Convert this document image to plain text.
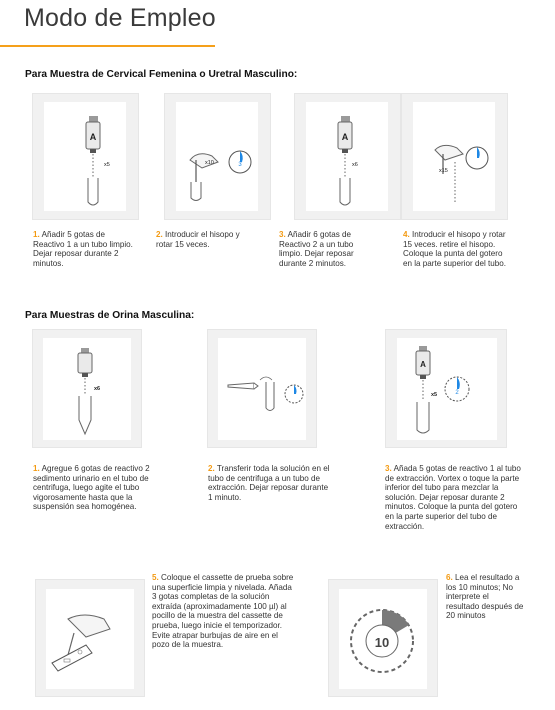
Modo de Empleo
Para Muestra de Cervical Femenina o Uretral Masculino:
A
x5	3
x10
A
x6
x15
1. Añadir 5 gotas de Reactivo 1 a un tubo limpio. Dejar reposar durante 2 minutos.
2. Introducir el hisopo y rotar 15 veces.
3. Añadir 6 gotas de Reactivo 2 a un tubo limpio. Dejar reposar durante 2 minutos.
4. Introducir el hisopo y rotar 15 veces. retire el hisopo. Coloque la punta del gotero en la parte superior del tubo.
Para Muestras de Orina Masculina:
x6
A
x5	2
1. Agregue 6 gotas de reactivo 2 sedimento urinario en el tubo de centrifuga, luego agite el tubo vigorosamente hasta que la suspensión sea homogénea.
2. Transferir toda la solución en el tubo de centrifuga a un tubo de extracción. Dejar reposar durante 1 minuto.
3. Añada 5 gotas de reactivo 1 al tubo de extracción. Vortex o toque la parte inferior del tubo para mezclar la solución. Dejar reposar durante 2 minutos. Coloque la punta del gotero en la parte superior del tubo de extracción.
5. Coloque el cassette de prueba sobre una superficie limpia y nivelada. Añada 3 gotas completas de la solución extraída (aproximadamente 100 µl) al pocillo de la muestra del cassette de prueba, luego inicie el temporizador. Evite atrapar burbujas de aire en el pozo de la muestra.	10
6. Lea el resultado a los 10 minutos; No interprete el resultado después de 20 minutos
